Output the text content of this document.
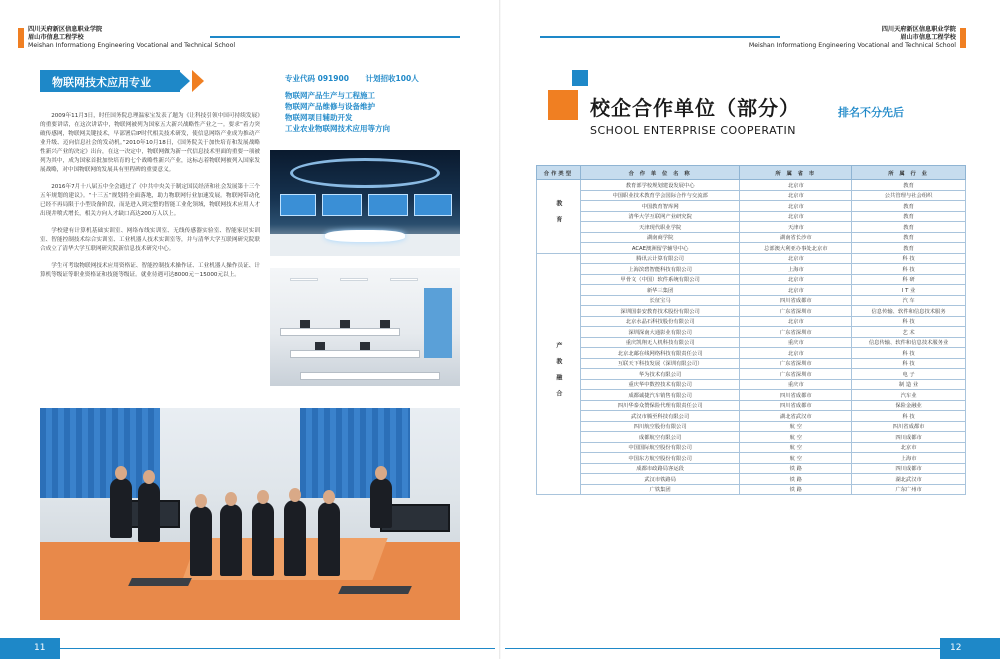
四川天府新区信息职业学院
眉山市信息工程学校
Meishan Informationg Engineering Vocational and Technical School
物联网技术应用专业	专业代码 091900 计划招收100人
物联网产品生产与工程施工
物联网产品维修与设备维护
物联网项目辅助开发
工业农业物联网技术应用等方向

2009年11月3日，时任国务院总理温家宝发表了题为《让科技引领中国可持续发展》的重要讲话，在这次讲话中，物联网被列为国家五大新兴战略性产业之一。要求“着力突破传感网，物联网关键技术，早部署后IP时代相关技术研发，使信息网络产业成为推动产业升级、迈向信息社会的发动机。”2010年10月18日，《国务院关于加快培育和发展战略性新兴产业的决定》出台，在这一决定中，物联网做为新一代信息技术里面的重要一项被列为其中，成为国家首批加快培育的七个战略性新兴产业，这标志着物联网被列入国家发展战略，对中国物联网的发展具有里程碑的重要意义。

2016年7月十八届五中全会通过了《中共中央关于制定国民经济和社会发展第十三个五年规划的建议》。“十三五”规划将全面落地，助力物联网行业加速发展。物联网带动化已经不再局限于小型设备阶段，而是进入到完整的智能工业化领域，物联网技术应用人才出现井喷式增长，相关方向人才缺口高达200万人以上。

学校建有计算机基础实训室、网络布线实训室、无线传感器实验室、智能家居实训室、智能控制技术综合实训室、工业机器人技术实训室等，并与清华大学互联网研究院联合成立了清华大学互联网研究院新信息技术研究中心。

学生可考取物联网技术应用资格证、智能控制技术操作证、工业机器人操作员证、计算机等级证等职业资格证和技能等级证。就业待遇可达8000元－15000元以上。

11
四川天府新区信息职业学院
眉山市信息工程学校
Meishan Informationg Engineering Vocational and Technical School
校企合作单位（部分）	排名不分先后
SCHOOL ENTERPRISE COOPERATIN
合作类型	合 作 单 位 名 称	所 属 省 市	所 属 行 业
教育	教育部学校规划建设发展中心	北京市	教育
	中国职业技术教育学会国际合作与交流部	北京市	公共管理与社会组织
	中国教育智库网	北京市	教育
	清华大学互联网产业研究院	北京市	教育
	天津现代职业学院	天津市	教育
	湖南商学院	湖南省长沙市	教育
	ACAE澳洲留学辅导中心	总部澳大利亚办事处北京市	教育
产教融合	腾讯云计算有限公司	北京市	科 技
	上海滨碧智能科技有限公司	上海市	科 技
	甲骨文（中国）软件系统有限公司	北京市	科 研
	新华三集团	北京市	I T 业
	长征宝马	四川省成都市	汽 车
	深圳国泰安教育技术股份有限公司	广东省深圳市	信息传输、软件和信息技术服务
	北京水晶石科技股份有限公司	北京市	科 技
	深圳深南大通影业有限公司	广东省深圳市	艺 术
	重庆凯翔无人机科技有限公司	重庆市	信息传输、软件和信息技术服务业
	北京北邮在线网络科技有限责任公司	北京市	科 技
	互联天下科技发展（深圳有限公司）	广东省深圳市	科 技
	华为技术有限公司	广东省深圳市	电 子
	重庆华中数控技术有限公司	重庆市	制 造 业
	成都诚捷汽车销售有限公司	四川省成都市	汽车业
	四川华泰众赞保险代理有限责任公司	四川省成都市	保险金融业
	武汉市腾至科技有限公司	湖北省武汉市	科 技
	四川航空股份有限公司	航 空	四川省成都市
	成都航空有限公司	航 空	四川成都市
	中国国际航空股份有限公司	航 空	北京市
	中国东方航空股份有限公司	航 空	上海市
	成都市政路局客运段	铁 路	四川成都市
	武汉市铁路局	铁 路	湖北武汉市
	广铁集团	铁 路	广东广州市
12
